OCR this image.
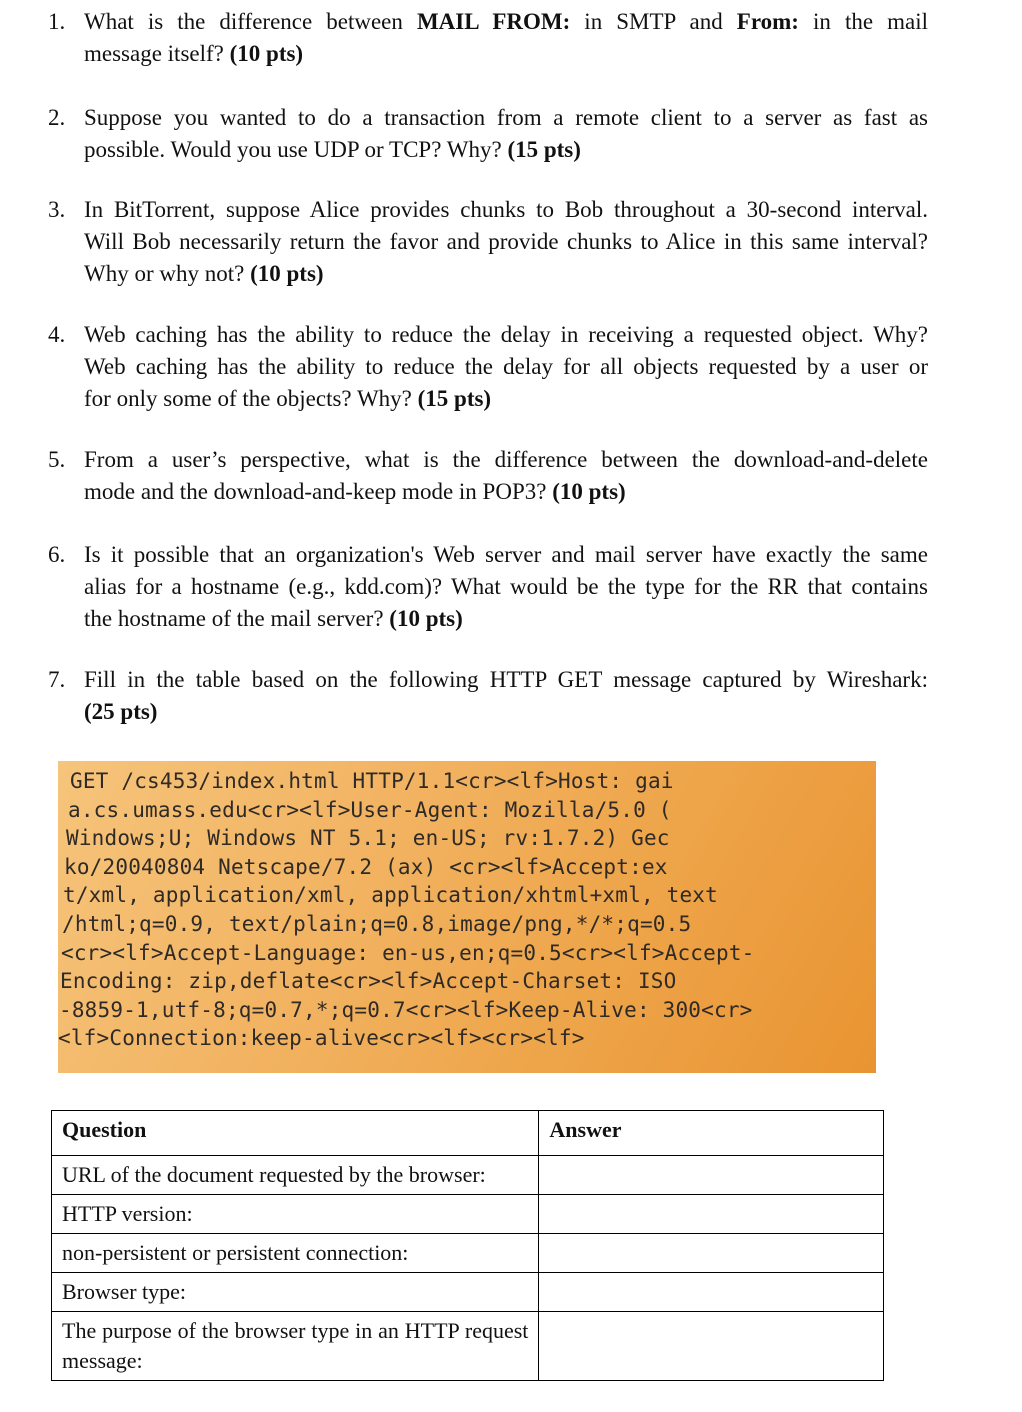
1. What is the difference between MAIL FROM: in SMTP and From: in the mail
message itself? (10 pts)
2. Suppose you wanted to do a transaction from a remote client to a server as fast as
possible. Would you use UDP or TCP? Why? (15 pts)
3. In BitTorrent, suppose Alice provides chunks to Bob throughout a 30-second interval.
Will Bob necessarily return the favor and provide chunks to Alice in this same interval?
Why or why not? (10 pts)
4. Web caching has the ability to reduce the delay in receiving a requested object. Why?
Web caching has the ability to reduce the delay for all objects requested by a user or
for only some of the objects? Why? (15 pts)
5. From a user’s perspective, what is the difference between the download-and-delete
mode and the download-and-keep mode in POP3? (10 pts)
6. Is it possible that an organization's Web server and mail server have exactly the same
alias for a hostname (e.g., kdd.com)? What would be the type for the RR that contains
the hostname of the mail server? (10 pts)
7. Fill in the table based on the following HTTP GET message captured by Wireshark:
(25 pts)
GET /cs453/index.html HTTP/1.1<cr><lf>Host: gai
a.cs.umass.edu<cr><lf>User-Agent: Mozilla/5.0 (
Windows;U; Windows NT 5.1; en-US; rv:1.7.2) Gec
ko/20040804 Netscape/7.2 (ax) <cr><lf>Accept:ex
t/xml, application/xml, application/xhtml+xml, text
/html;q=0.9, text/plain;q=0.8,image/png,*/*;q=0.5
<cr><lf>Accept-Language: en-us,en;q=0.5<cr><lf>Accept-
Encoding: zip,deflate<cr><lf>Accept-Charset: ISO
-8859-1,utf-8;q=0.7,*;q=0.7<cr><lf>Keep-Alive: 300<cr>
<lf>Connection:keep-alive<cr><lf><cr><lf>
Question	Answer
URL of the document requested by the browser:	
HTTP version:	
non-persistent or persistent connection:	
Browser type:	
The purpose of the browser type in an HTTP request message:	
